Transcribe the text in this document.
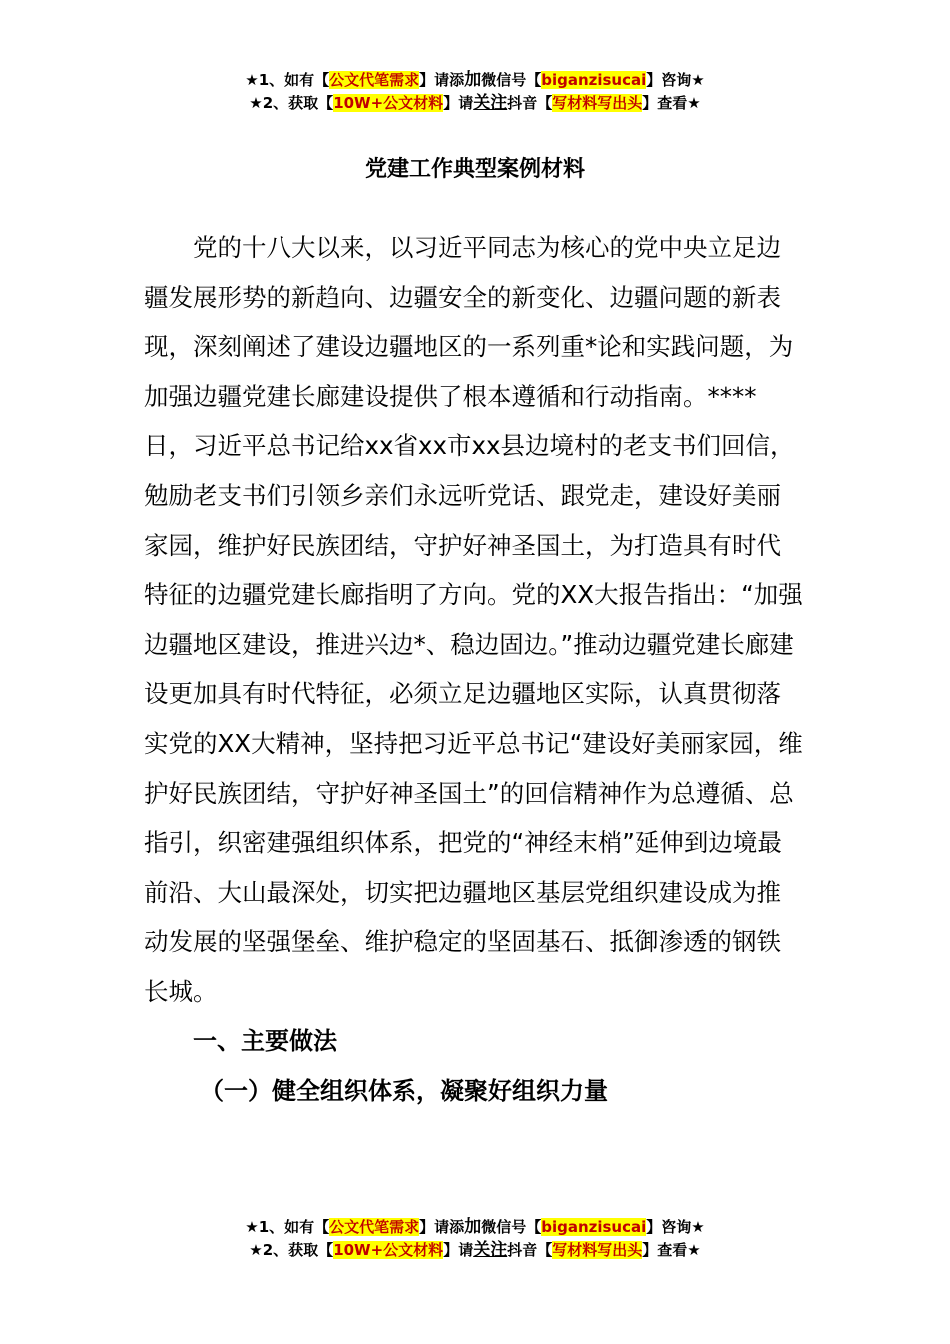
★1、如有【公文代笔需求】请添加微信号【biganzisucai】咨询★
★2、获取【10W+公文材料】请关注抖音【写材料写出头】查看★
党建工作典型案例材料

党的十八大以来，以习近平同志为核心的党中央立足边疆发展形势的新趋向、边疆安全的新变化、边疆问题的新表现，深刻阐述了建设边疆地区的一系列重*论和实践问题，为加强边疆党建长廊建设提供了根本遵循和行动指南。****日，习近平总书记给xx省xx市xx县边境村的老支书们回信，勉励老支书们引领乡亲们永远听党话、跟党走，建设好美丽家园，维护好民族团结，守护好神圣国土，为打造具有时代特征的边疆党建长廊指明了方向。党的XX大报告指出：“加强边疆地区建设，推进兴边*、稳边固边。”推动边疆党建长廊建设更加具有时代特征，必须立足边疆地区实际，认真贯彻落实党的XX大精神，坚持把习近平总书记“建设好美丽家园，维护好民族团结，守护好神圣国土”的回信精神作为总遵循、总指引，织密建强组织体系，把党的“神经末梢”延伸到边境最前沿、大山最深处，切实把边疆地区基层党组织建设成为推动发展的坚强堡垒、维护稳定的坚固基石、抵御渗透的钢铁长城。

一、主要做法
（一）健全组织体系，凝聚好组织力量
★1、如有【公文代笔需求】请添加微信号【biganzisucai】咨询★
★2、获取【10W+公文材料】请关注抖音【写材料写出头】查看★
